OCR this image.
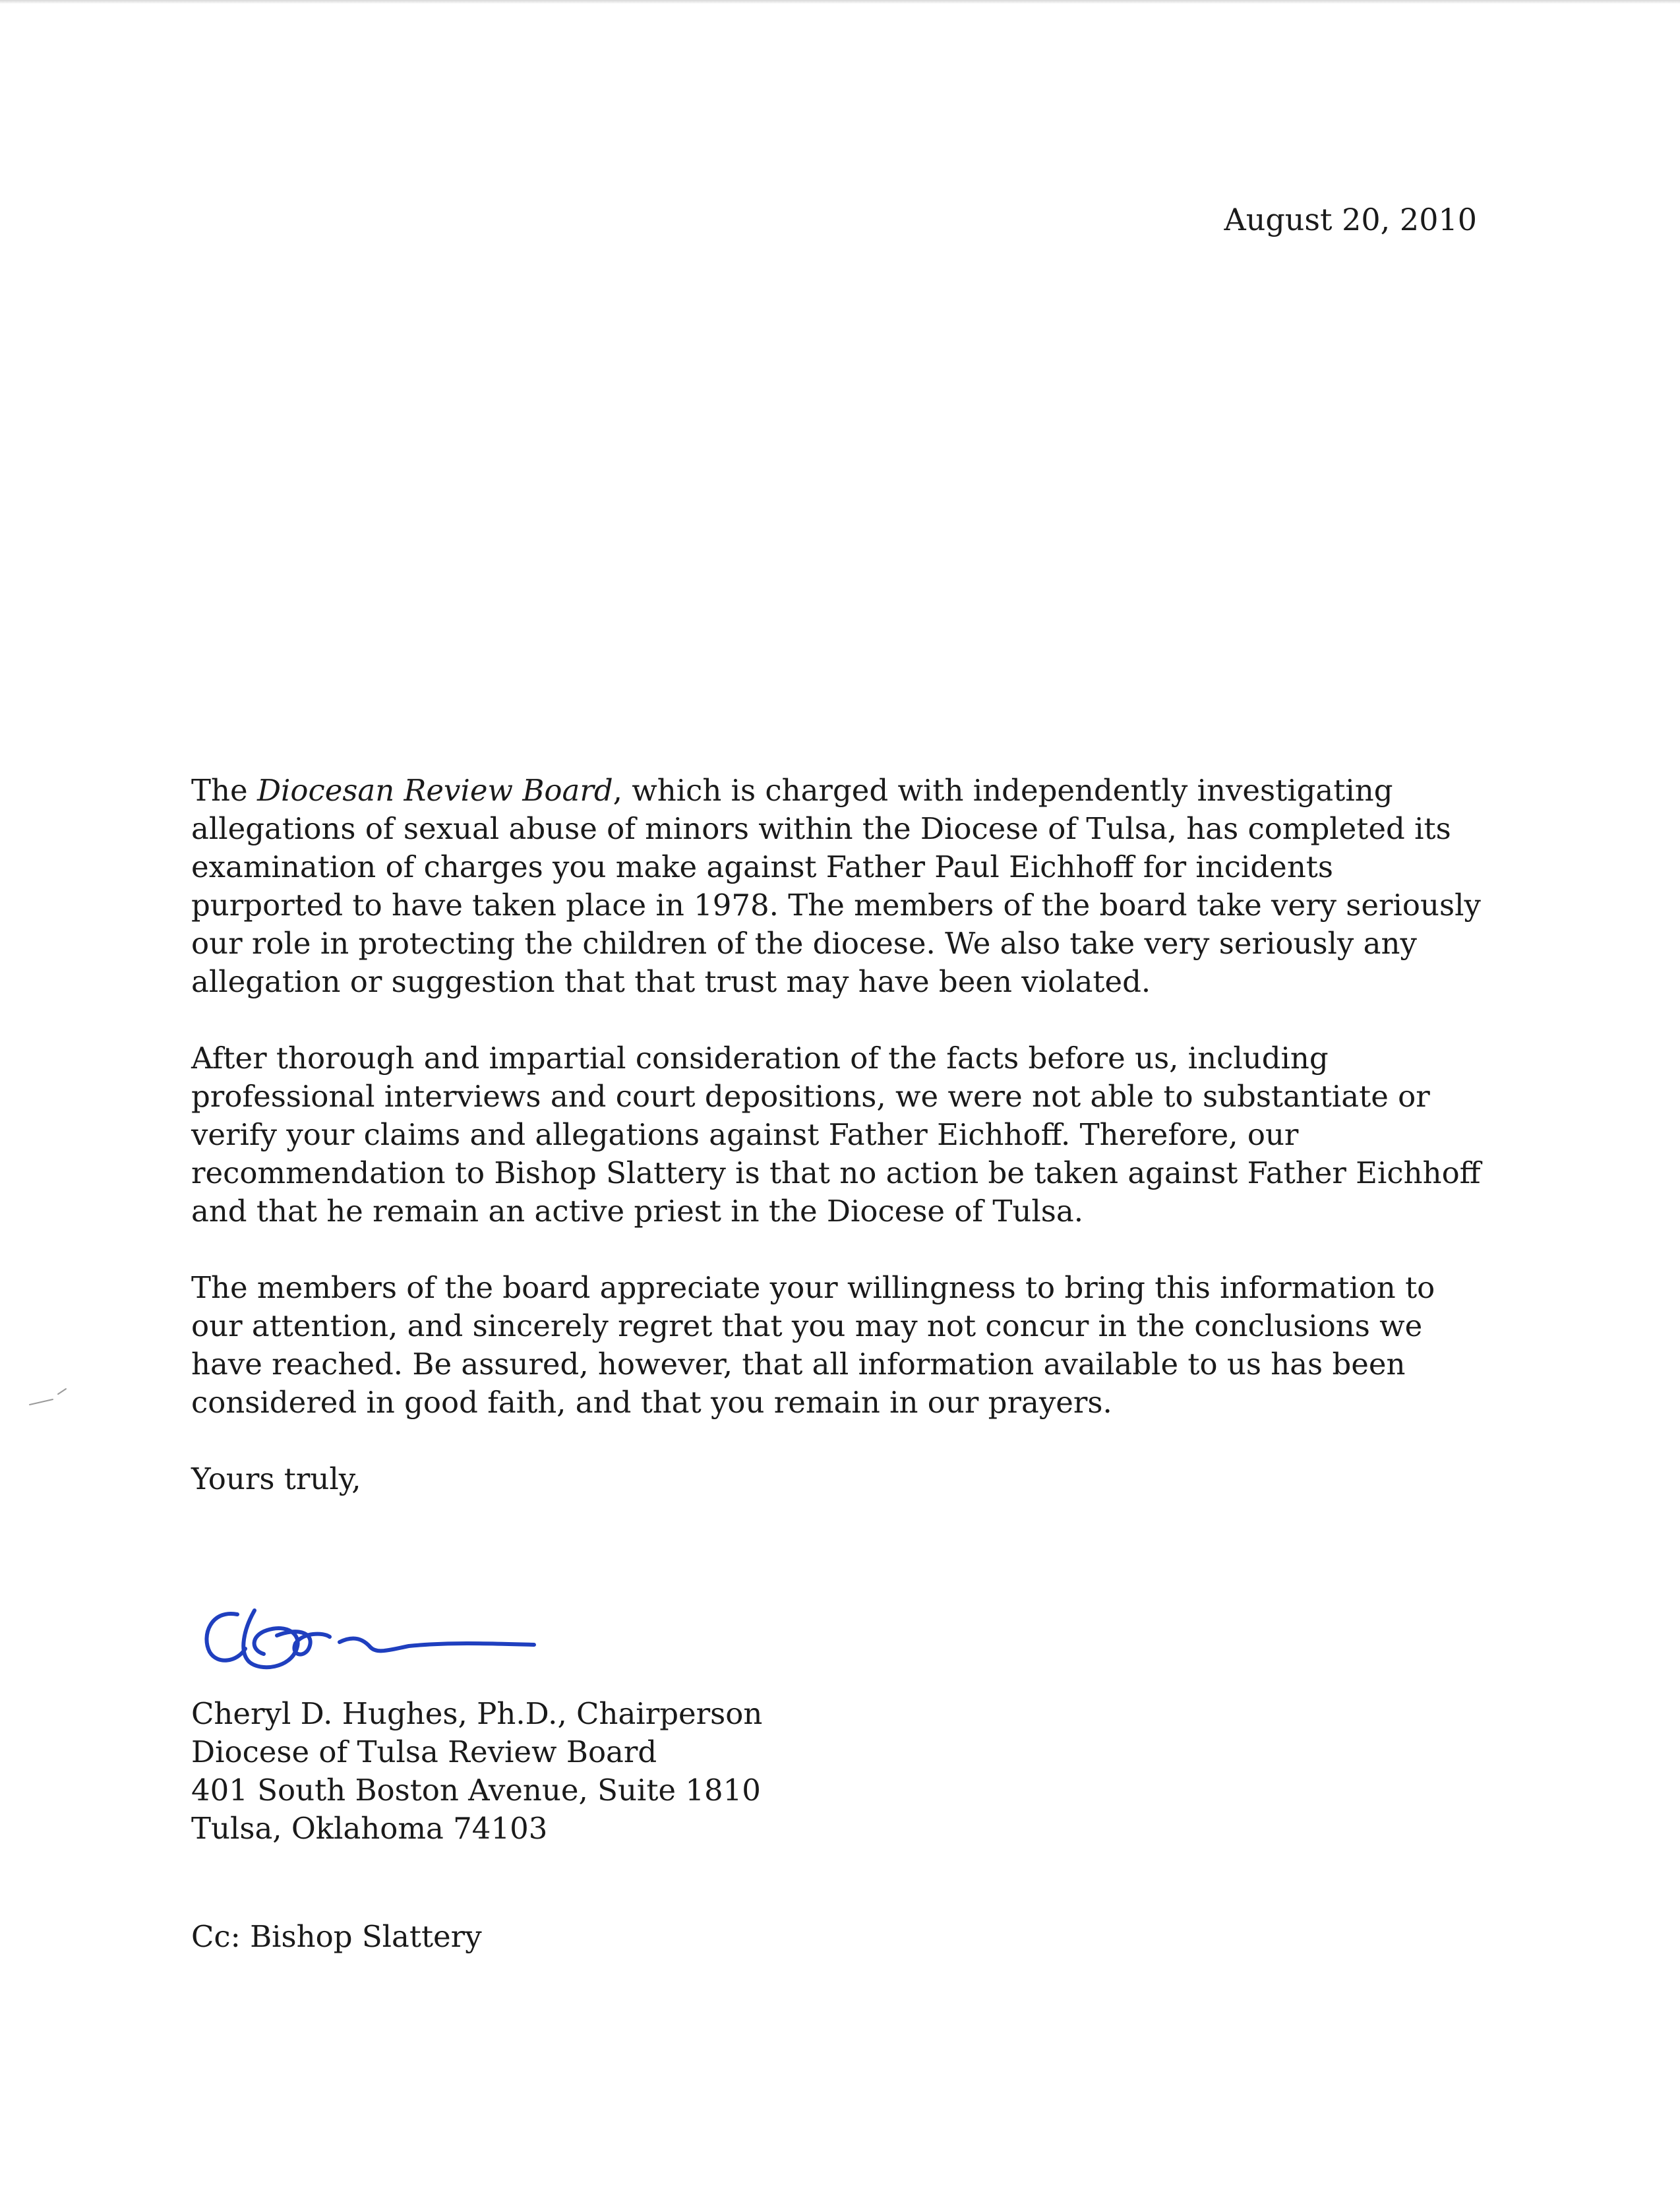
August 20, 2010

The Diocesan Review Board, which is charged with independently investigating allegations of sexual abuse of minors within the Diocese of Tulsa, has completed its examination of charges you make against Father Paul Eichhoff for incidents purported to have taken place in 1978. The members of the board take very seriously our role in protecting the children of the diocese. We also take very seriously any allegation or suggestion that that trust may have been violated.

After thorough and impartial consideration of the facts before us, including professional interviews and court depositions, we were not able to substantiate or verify your claims and allegations against Father Eichhoff. Therefore, our recommendation to Bishop Slattery is that no action be taken against Father Eichhoff and that he remain an active priest in the Diocese of Tulsa.

The members of the board appreciate your willingness to bring this information to our attention, and sincerely regret that you may not concur in the conclusions we have reached. Be assured, however, that all information available to us has been considered in good faith, and that you remain in our prayers.

Yours truly,

Cheryl D. Hughes, Ph.D., Chairperson
Diocese of Tulsa Review Board
401 South Boston Avenue, Suite 1810
Tulsa, Oklahoma 74103
Cc: Bishop Slattery
